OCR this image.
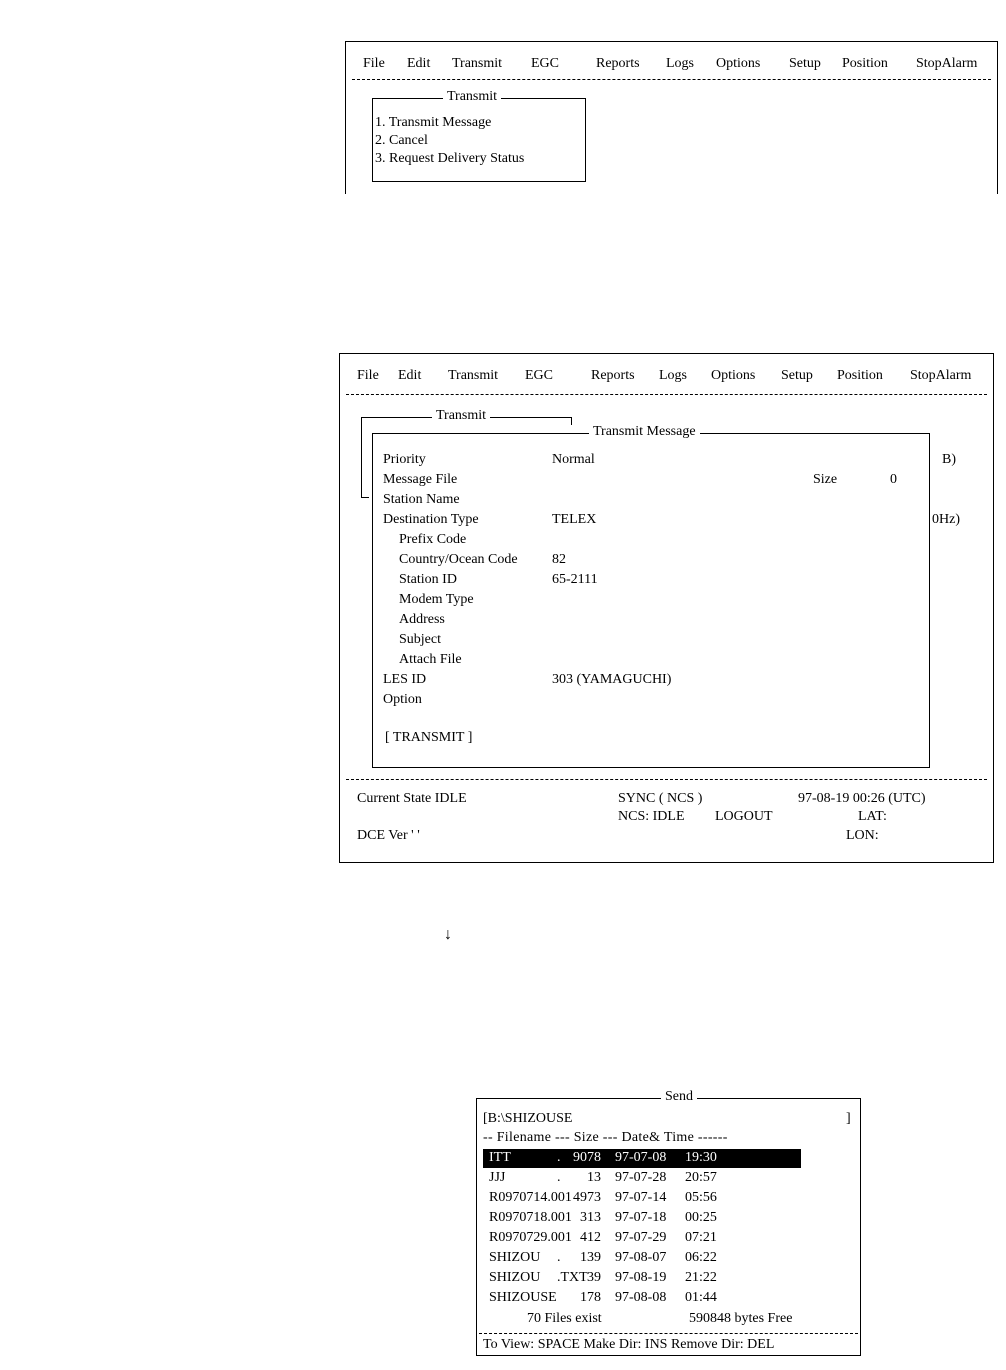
File Edit Transmit EGC	Reports Logs Options Setup Position StopAlarm
Transmit
1. Transmit Message
2. Cancel
3. Request Delivery Status
File Edit Transmit EGC	Reports Logs Options Setup Position StopAlarm
Transmit
Transmit Message
Priority	Normal
Message File	Size	0
Station Name
Destination Type	TELEX
Prefix Code
Country/Ocean Code 82
Station ID	65-2111
Modem Type
Address
Subject
Attach File
LES ID	303 (YAMAGUCHI)
Option
[ TRANSMIT ]
B)
0Hz)
Current State IDLE	SYNC ( NCS )	97-08-19 00:26 (UTC)
NCS: IDLE LOGOUT	LAT:
DCE Ver ' '	LON:
↓
Send
[B:\SHIZOUSE	]
-- Filename --- Size --- Date& Time ------
ITT	. 9078 97-07-08 19:30
JJJ	. 13 97-07-28 20:57
R0970714.001 4973 97-07-14 05:56
R0970718.001 313 97-07-18 00:25
R0970729.001 412 97-07-29 07:21
SHIZOU . 139 97-08-07 06:22
SHIZOU .TXT 39 97-08-19 21:22
SHIZOUSE 178 97-08-08 01:44
70 Files exist	590848 bytes Free
To View: SPACE Make Dir: INS Remove Dir: DEL
